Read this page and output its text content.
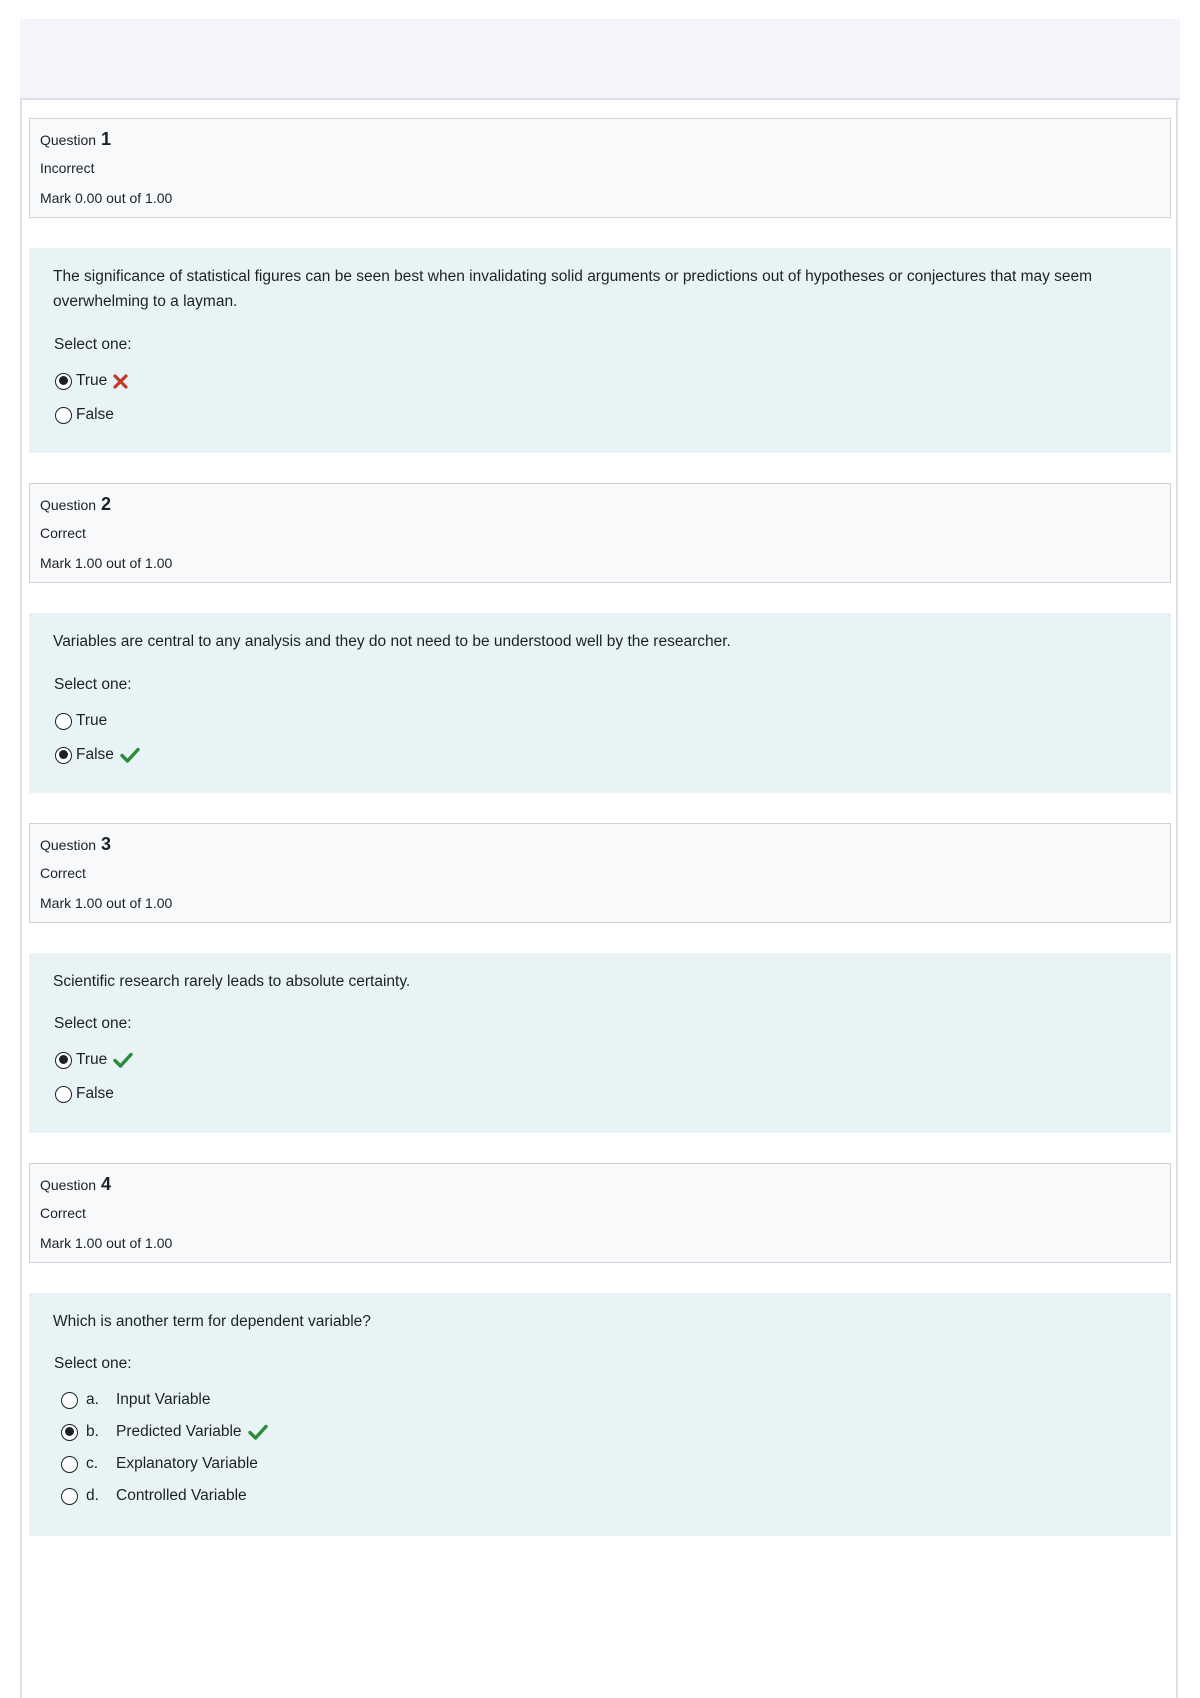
Question 1
Incorrect
Mark 0.00 out of 1.00
The significance of statistical figures can be seen best when invalidating solid arguments or predictions out of hypotheses or conjectures that may seem overwhelming to a layman.
Select one:
True
False
Question 2
Correct
Mark 1.00 out of 1.00
Variables are central to any analysis and they do not need to be understood well by the researcher.
Select one:
True
False
Question 3
Correct
Mark 1.00 out of 1.00
Scientific research rarely leads to absolute certainty.
Select one:
True
False
Question 4
Correct
Mark 1.00 out of 1.00
Which is another term for dependent variable?
Select one:
a.	Input Variable
b.	Predicted Variable
c.	Explanatory Variable
d.	Controlled Variable
